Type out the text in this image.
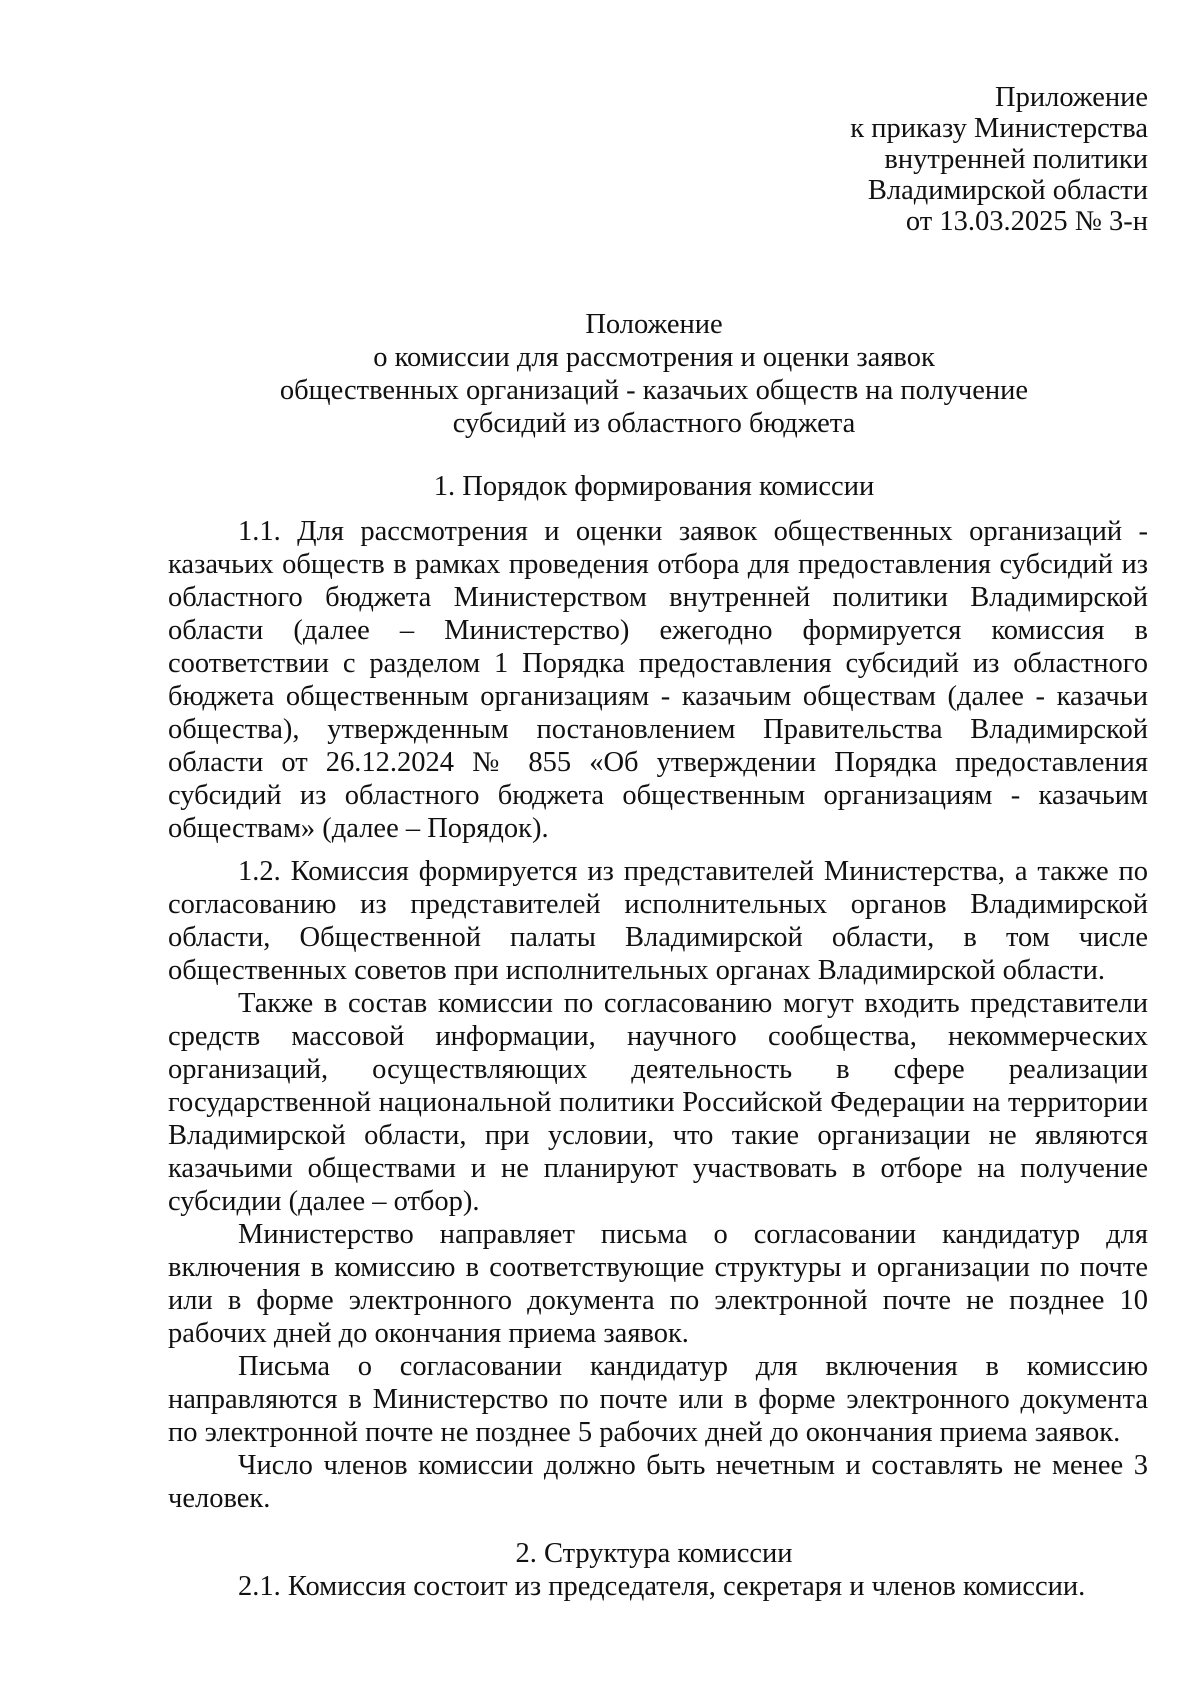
Приложение
к приказу Министерства
внутренней политики
Владимирской области
от 13.03.2025 № 3-н
Положение
о комиссии для рассмотрения и оценки заявок
общественных организаций - казачьих обществ на получение
субсидий из областного бюджета
1. Порядок формирования комиссии

1.1. Для рассмотрения и оценки заявок общественных организаций - казачьих обществ в рамках проведения отбора для предоставления субсидий из областного бюджета Министерством внутренней политики Владимирской области (далее – Министерство) ежегодно формируется комиссия в соответствии с разделом 1 Порядка предоставления субсидий из областного бюджета общественным организациям - казачьим обществам (далее - казачьи общества), утвержденным постановлением Правительства Владимирской области от 26.12.2024 № 855 «Об утверждении Порядка предоставления субсидий из областного бюджета общественным организациям - казачьим обществам» (далее – Порядок).

1.2. Комиссия формируется из представителей Министерства, а также по согласованию из представителей исполнительных органов Владимирской области, Общественной палаты Владимирской области, в том числе общественных советов при исполнительных органах Владимирской области.

Также в состав комиссии по согласованию могут входить представители средств массовой информации, научного сообщества, некоммерческих организаций, осуществляющих деятельность в сфере реализации государственной национальной политики Российской Федерации на территории Владимирской области, при условии, что такие организации не являются казачьими обществами и не планируют участвовать в отборе на получение субсидии (далее – отбор).

Министерство направляет письма о согласовании кандидатур для включения в комиссию в соответствующие структуры и организации по почте или в форме электронного документа по электронной почте не позднее 10 рабочих дней до окончания приема заявок.

Письма о согласовании кандидатур для включения в комиссию направляются в Министерство по почте или в форме электронного документа по электронной почте не позднее 5 рабочих дней до окончания приема заявок.

Число членов комиссии должно быть нечетным и составлять не менее 3 человек.

2. Структура комиссии

2.1. Комиссия состоит из председателя, секретаря и членов комиссии.
